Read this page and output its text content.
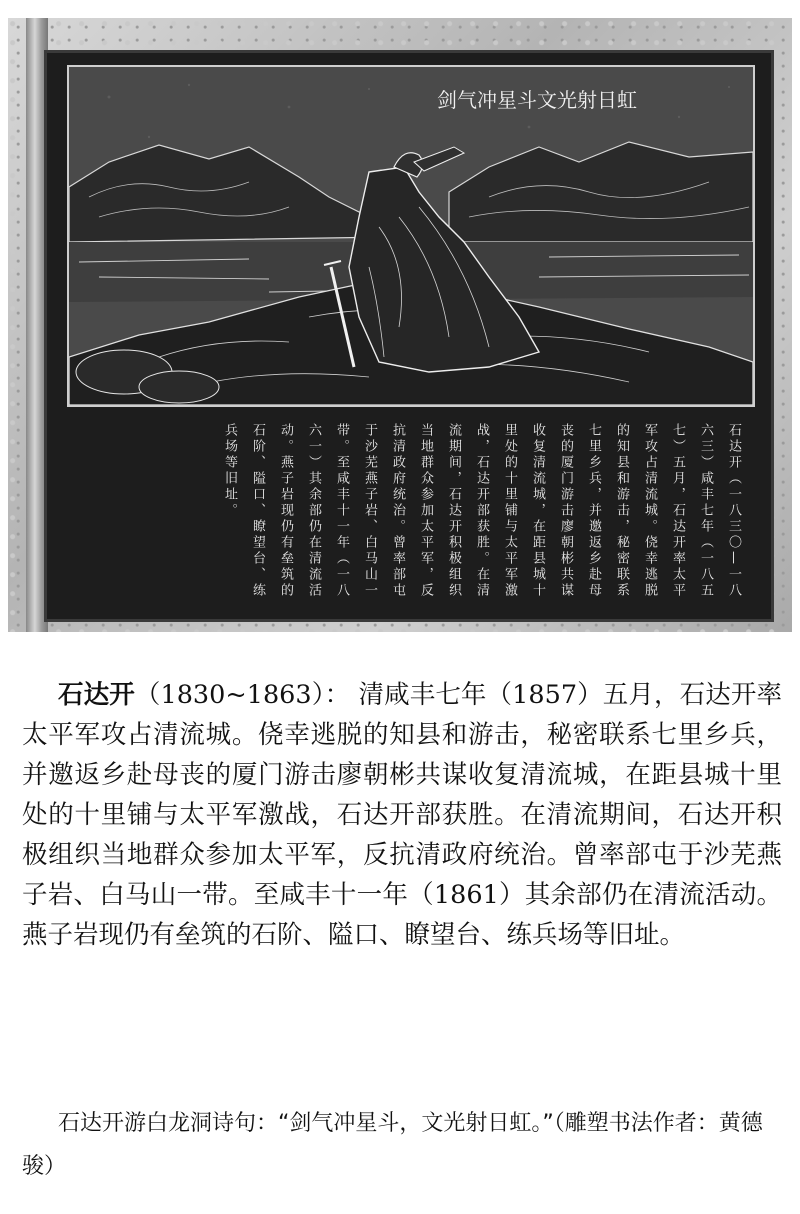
剑气冲星斗文光射日虹

石达开（一八三〇—一八六三）咸丰七年（一八五七）五月，石达开率太平军攻占清流城。侥幸逃脱的知县和游击，秘密联系七里乡兵，并邀返乡赴母丧的厦门游击廖朝彬共谋收复清流城，在距县城十里处的十里铺与太平军激战，石达开部获胜。在清流期间，石达开积极组织当地群众参加太平军，反抗清政府统治。曾率部屯于沙芜燕子岩、白马山一带。至咸丰十一年（一八六一）其余部仍在清流活动。燕子岩现仍有垒筑的石阶、隘口、瞭望台、练兵场等旧址。

石达开（1830~1863）： 清咸丰七年（1857）五月，石达开率太平军攻占清流城。侥幸逃脱的知县和游击，秘密联系七里乡兵，并邀返乡赴母丧的厦门游击廖朝彬共谋收复清流城，在距县城十里处的十里铺与太平军激战，石达开部获胜。在清流期间，石达开积极组织当地群众参加太平军，反抗清政府统治。曾率部屯于沙芜燕子岩、白马山一带。至咸丰十一年（1861）其余部仍在清流活动。燕子岩现仍有垒筑的石阶、隘口、瞭望台、练兵场等旧址。
石达开游白龙洞诗句：“剑气冲星斗，文光射日虹。”（雕塑书法作者：黄德骏）
